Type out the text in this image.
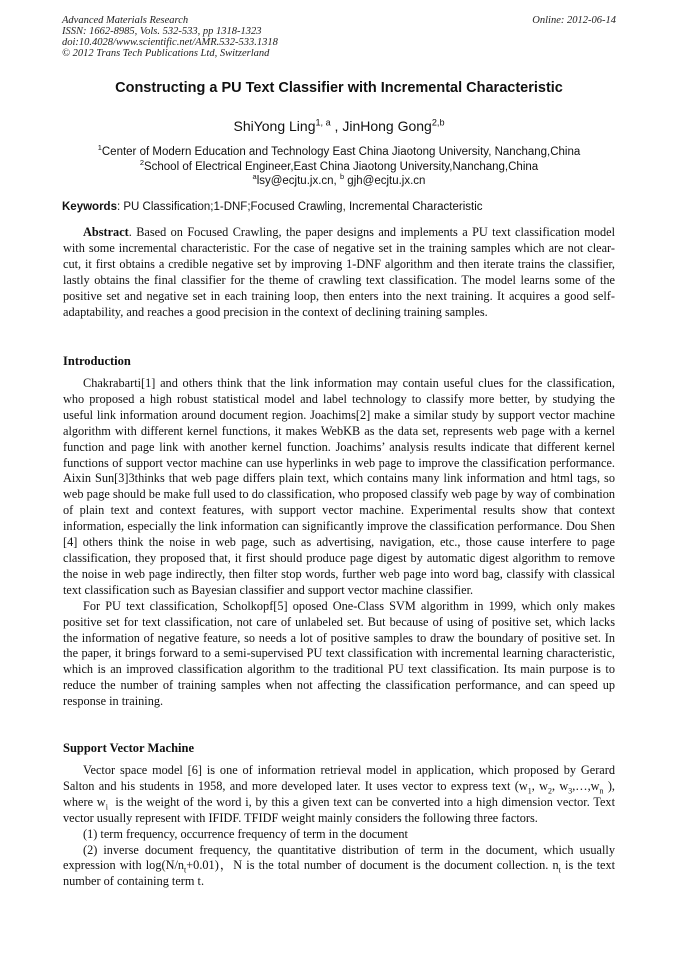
Advanced Materials Research
ISSN: 1662-8985, Vols. 532-533, pp 1318-1323
doi:10.4028/www.scientific.net/AMR.532-533.1318
© 2012 Trans Tech Publications Ltd, Switzerland
Online: 2012-06-14
Constructing a PU Text Classifier with Incremental Characteristic
ShiYong Ling$^{1, a}$ , JinHong Gong$^{2,b}$
$^1$Center of Modern Education and Technology East China Jiaotong University, Nanchang,China
$^2$School of Electrical Engineer,East China Jiaotong University,Nanchang,China
$^a$lsy@ecjtu.jx.cn, $^b$ gjh@ecjtu.jx.cn
Keywords: PU Classification;1-DNF;Focused Crawling, Incremental Characteristic

Abstract. Based on Focused Crawling, the paper designs and implements a PU text classification model with some incremental characteristic. For the case of negative set in the training samples which are not clear-cut, it first obtains a credible negative set by improving 1-DNF algorithm and then iterate trains the classifier, lastly obtains the final classifier for the theme of crawling text classification. The model learns some of the positive set and negative set in each training loop, then enters into the next training. It acquires a good self-adaptability, and reaches a good precision in the context of declining training samples.

Introduction

Chakrabarti[1] and others think that the link information may contain useful clues for the classification, who proposed a high robust statistical model and label technology to classify more better, by studying the useful link information around document region. Joachims[2] make a similar study by support vector machine algorithm with different kernel functions, it makes WebKB as the data set, represents web page with a kernel function and page link with another kernel function. Joachims’ analysis results indicate that different kernel functions of support vector machine can use hyperlinks in web page to improve the classification performance. Aixin Sun[3]3thinks that web page differs plain text, which contains many link information and html tags, so web page should be make full used to do classification, who proposed classify web page by way of combination of plain text and context features, with support vector machine. Experimental results show that context information, especially the link information can significantly improve the classification performance. Dou Shen [4] others think the noise in web page, such as advertising, navigation, etc., those cause interfere to page classification, they proposed that, it first should produce page digest by automatic digest algorithm to remove the noise in web page indirectly, then filter stop words, further web page into word bag, classify with classical text classification such as Bayesian classifier and support vector machine classifier.

For PU text classification, Scholkopf[5] oposed One-Class SVM algorithm in 1999, which only makes positive set for text classification, not care of unlabeled set. But because of using of positive set, which lacks the information of negative feature, so needs a lot of positive samples to draw the boundary of positive set. In the paper, it brings forward to a semi-supervised PU text classification with incremental learning characteristic, which is an improved classification algorithm to the traditional PU text classification. Its main purpose is to reduce the number of training samples when not affecting the classification performance, and can speed up response in training.

Support Vector Machine

Vector space model [6] is one of information retrieval model in application, which proposed by Gerard Salton and his students in 1958, and more developed later. It uses vector to express text ($w_1$, $w_2$, $w_3,\dots,w_n$ ), where $w_i$  is the weight of the word i, by this a given text can be converted into a high dimension vector. Text vector usually represent with IFIDF. TFIDF weight mainly considers the following three factors.

(1) term frequency, occurrence frequency of term in the document

(2) inverse document frequency, the quantitative distribution of term in the document, which usually expression with $\log(N/n_t+0.01)$，N is the total number of document is the document collection. $n_t$ is the text number of containing term t.
